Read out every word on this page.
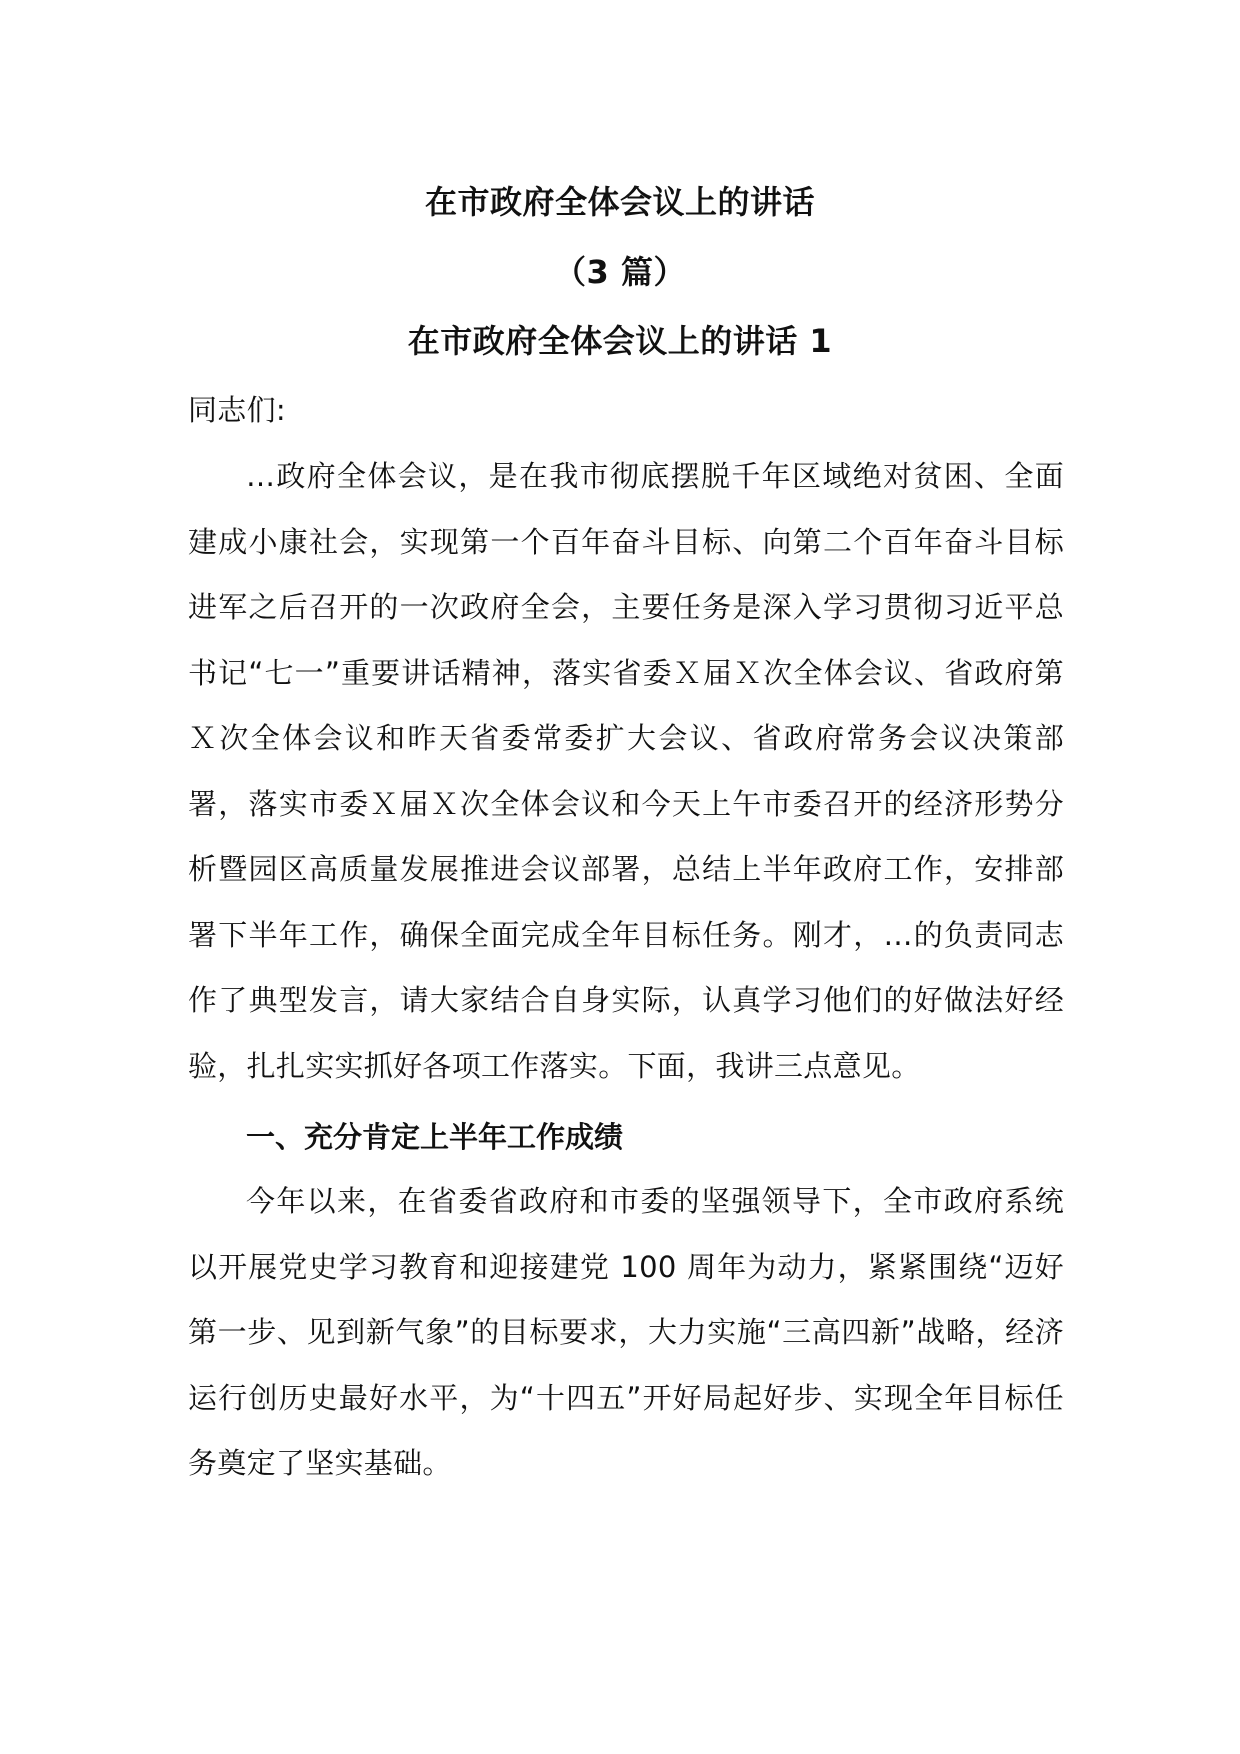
在市政府全体会议上的讲话
（3 篇）
在市政府全体会议上的讲话 1

同志们:

…政府全体会议，是在我市彻底摆脱千年区域绝对贫困、全面建成小康社会，实现第一个百年奋斗目标、向第二个百年奋斗目标进军之后召开的一次政府全会，主要任务是深入学习贯彻习近平总书记“七一”重要讲话精神，落实省委Ｘ届Ｘ次全体会议、省政府第Ｘ次全体会议和昨天省委常委扩大会议、省政府常务会议决策部署，落实市委Ｘ届Ｘ次全体会议和今天上午市委召开的经济形势分析暨园区高质量发展推进会议部署，总结上半年政府工作，安排部署下半年工作，确保全面完成全年目标任务。刚才，…的负责同志作了典型发言，请大家结合自身实际，认真学习他们的好做法好经验，扎扎实实抓好各项工作落实。下面，我讲三点意见。

一、充分肯定上半年工作成绩

今年以来，在省委省政府和市委的坚强领导下，全市政府系统以开展党史学习教育和迎接建党 100 周年为动力，紧紧围绕“迈好第一步、见到新气象”的目标要求，大力实施“三高四新”战略，经济运行创历史最好水平，为“十四五”开好局起好步、实现全年目标任务奠定了坚实基础。
